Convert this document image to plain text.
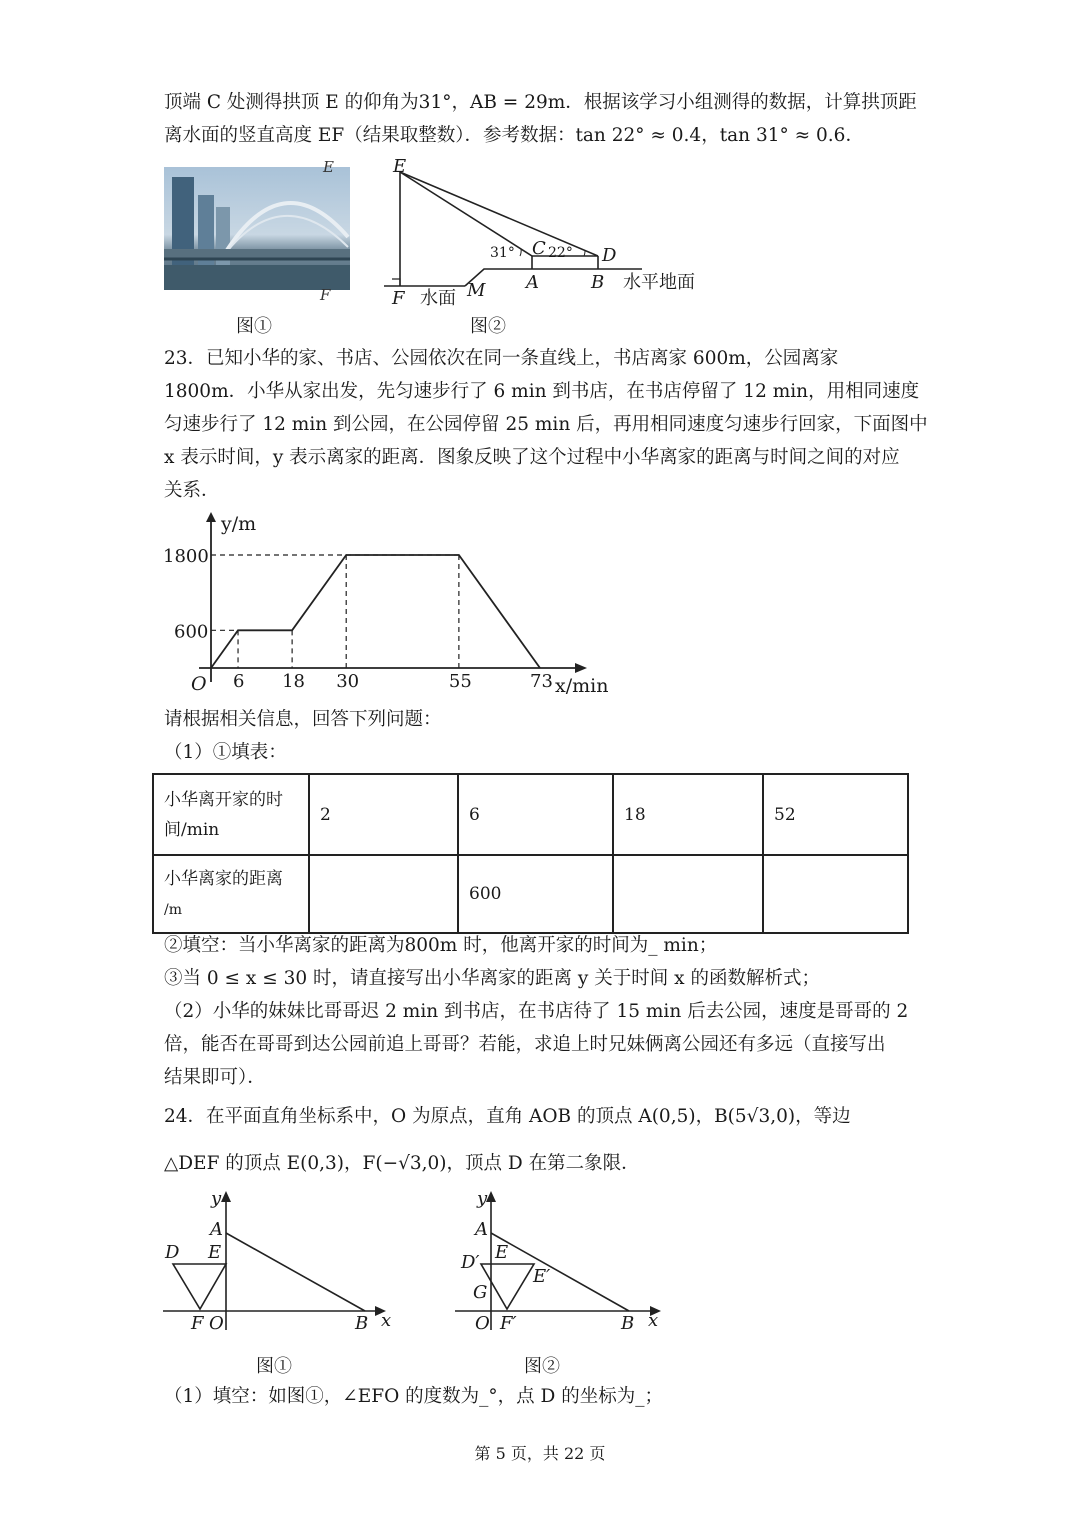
顶端 C 处测得拱顶 E 的仰角为31°，AB = 29m．根据该学习小组测得的数据，计算拱顶距
离水面的竖直高度 EF（结果取整数）．参考数据：tan 22° ≈ 0.4，tan 31° ≈ 0.6．
E
F
图①
E
C	D
A	B
F	M
31° 22°
水面
水平地面
图②
23．已知小华的家、书店、公园依次在同一条直线上，书店离家 600m，公园离家
1800m．小华从家出发，先匀速步行了 6 min 到书店，在书店停留了 12 min，用相同速度
匀速步行了 12 min 到公园，在公园停留 25 min 后，再用相同速度匀速步行回家，下面图中
x 表示时间，y 表示离家的距离．图象反映了这个过程中小华离家的距离与时间之间的对应
关系．
6 18 30	55	73
600
1800
O
y/m
x/min
请根据相关信息，回答下列问题：
（1）①填表：
小华离开家的时
间/min	2	6	18	52
小华离家的距离
/m		600		
②填空：当小华离家的距离为800m 时，他离开家的时间为_ min；
③当 0 ≤ x ≤ 30 时，请直接写出小华离家的距离 y 关于时间 x 的函数解析式；
（2）小华的妹妹比哥哥迟 2 min 到书店，在书店待了 15 min 后去公园，速度是哥哥的 2
倍，能否在哥哥到达公园前追上哥哥？若能，求追上时兄妹俩离公园还有多远（直接写出
结果即可）．
24．在平面直角坐标系中，O 为原点，直角 AOB 的顶点 A(0,5)，B(5√3,0)，等边
△DEF 的顶点 E(0,3)，F(−√3,0)，顶点 D 在第二象限．
y
A
D E
F O	B x
图①
y
A
D′ E
E′
G
O F′	B x
图②
（1）填空：如图①，∠EFO 的度数为_°，点 D 的坐标为_；
第 5 页，共 22 页
